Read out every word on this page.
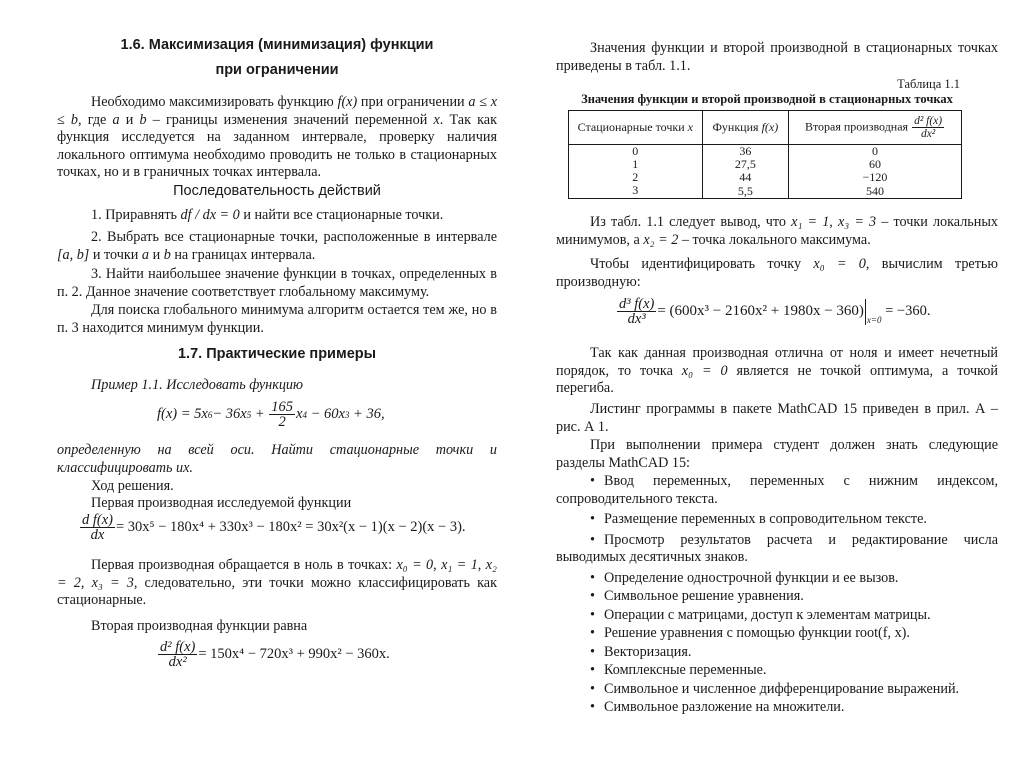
1.6. Максимизация (минимизация) функции
при ограничении

Необходимо максимизировать функцию f(x) при ограничении a ≤ x ≤ b, где a и b – границы изменения значений переменной x. Так как функция исследуется на заданном интервале, проверку наличия локального оптимума необходимо проводить не только в стационарных точках, но и в граничных точках интервала.

Последовательность действий

1. Приравнять df / dx = 0 и найти все стационарные точки.

2. Выбрать все стационарные точки, расположенные в интервале [a, b] и точки a и b на границах интервала.

3. Найти наибольшее значение функции в точках, определенных в п. 2. Данное значение соответствует глобальному максимуму.

Для поиска глобального минимума алгоритм остается тем же, но в п. 3 находится минимум функции.

1.7. Практические примеры

Пример 1.1. Исследовать функцию

f(x) = 5x 6 − 36x $5 + \frac{165}{2}$ x 4 − 60x 3 + 36,

определенную на всей оси. Найти стационарные точки и классифицировать их.

Ход решения.

Первая производная исследуемой функции

$\frac{\text{d f(x)}}{dx} = 30x^5 - 180x^4 + 330x^3 - 180x^2 = 30x^2(x - 1)(x - 2)(x - 3)$.

Первая производная обращается в ноль в точках: x₀ = 0, x₁ = 1, x₂ = 2, x₃ = 3, следовательно, эти точки можно классифицировать как стационарные.

Вторая производная функции равна

$\frac{\text{d² f(x)}}{\text{dx²}} = 150x^4 - 720x^3 + 990x^2 - 360x$.

Значения функции и второй производной в стационарных точках приведены в табл. 1.1.

Таблица 1.1
Значения функции и второй производной в стационарных точках
Стационарные точки x	Функция f(x)	Вторая производная $\frac{\text{d² f(x)}}{\text{dx²}}$

0	36	0
1	27,5	60
2	44	−120
3	5,5	540

Из табл. 1.1 следует вывод, что x₁ = 1, x₃ = 3 – точки локальных минимумов, а x₂ = 2 – точка локального максимума.

Чтобы идентифицировать точку x₀ = 0, вычислим третью производную:

$\frac{\text{d³ f(x)}}{\text{dx³}} = (600x^3 - 2160x^2 + 1980x - 360)$
x=0
= −360.

Так как данная производная отлична от ноля и имеет нечетный порядок, то точка x₀ = 0 является не точкой оптимума, а точкой перегиба.

Листинг программы в пакете MathCAD 15 приведен в прил. А – рис. А 1.

При выполнении примера студент должен знать следующие разделы MathCAD 15:

• Ввод переменных, переменных с нижним индексом, сопроводительного текста.

• Размещение переменных в сопроводительном тексте.

• Просмотр результатов расчета и редактирование числа выводимых десятичных знаков.

• Определение однострочной функции и ее вызов.

• Символьное решение уравнения.

• Операции с матрицами, доступ к элементам матрицы.

• Решение уравнения с помощью функции root(f, x).

• Векторизация.

• Комплексные переменные.

• Символьное и численное дифференцирование выражений.

• Символьное разложение на множители.
